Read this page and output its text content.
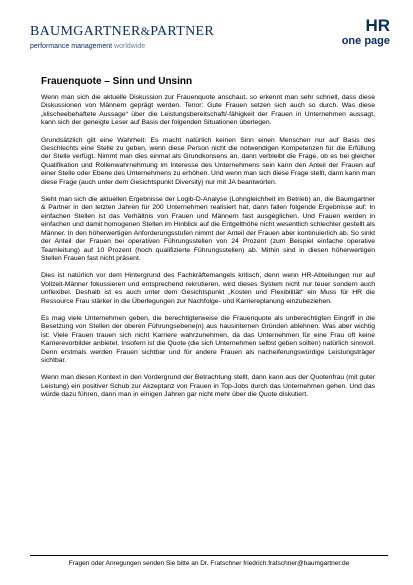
BAUMGARTNER&PARTNER
performance management worldwide
HR
one page
Frauenquote – Sinn und Unsinn

Wenn man sich die aktuelle Diskussion zur Frauenquote anschaut, so erkennt man sehr schnell, dass diese Diskussionen von Männern geprägt werden. Tenor: Gute Frauen setzen sich auch so durch. Was diese „klischeebehaftete Aussage“ über die Leistungsbereitschaft/-fähigkeit der Frauen in Unternehmen aussagt, kann sich der geneigte Leser auf Basis der folgenden Situationen überlegen.

Grundsätzlich gilt eine Wahrheit: Es macht natürlich keinen Sinn einen Menschen nur auf Basis des Geschlechts eine Stelle zu geben, wenn diese Person nicht die notwendigen Kompetenzen für die Erfüllung der Stelle verfügt. Nimmt man dies einmal als Grundkonsens an, dann verbleibt die Frage, ob es bei gleicher Qualifikation und Rollenwahrnehmung im Interesse des Unternehmens sein kann den Anteil der Frauen auf einer Stelle oder Ebene des Unternehmens zu erhöhen. Und wenn man sich diese Frage stellt, dann kann man diese Frage (auch unter dem Gesichtspunkt Diversity) nur mit JA beantworten.

Sieht man sich die aktuellen Ergebnisse der Logib-D-Analyse (Lohngleichheit im Betrieb) an, die Baumgartner & Partner in den letzten Jahren für 200 Unternehmen realisiert hat, dann fallen folgende Ergebnisse auf: In einfachen Stellen ist das Verhältnis von Frauen und Männern fast ausgeglichen. Und Frauen werden in einfachen und damit homogenen Stellen im Hinblick auf die Entgelthöhe nicht wesentlich schlechter gestellt als Männer. In den höherwertigen Anforderungsstufen nimmt der Anteil der Frauen aber kontinuierlich ab. So sinkt der Anteil der Frauen bei operativen Führungsstellen von 24 Prozent (zum Beispiel einfache operative Teamleitung) auf 10 Prozent (hoch qualifizierte Führungsstellen) ab. Mithin sind in diesen höherwertigen Stellen Frauen fast nicht präsent.

Dies ist natürlich vor dem Hintergrund des Fachkräftemangels kritisch, denn wenn HR-Abteilungen nur auf Vollzeit-Männer fokussieren und entsprechend rekrutieren, wird dieses System nicht nur teuer sondern auch unflexibel. Deshalb ist es auch unter dem Gesichtspunkt „Kosten und Flexibilität“ ein Muss für HR die Ressource Frau stärker in die Überlegungen zur Nachfolge- und Karriereplanung einzubeziehen.

Es mag viele Unternehmen geben, die berechtigterweise die Frauenquote als unberechtigten Eingriff in die Besetzung von Stellen der oberen Führungsebene(n) aus hausinternen Gründen ablehnen. Was aber wichtig ist: Viele Frauen trauen sich nicht Karriere wahrzunehmen, da das Unternehmen für eine Frau oft keine Karrierevorbilder anbietet. Insofern ist die Quote (die sich Unternehmen selbst geben sollten) natürlich sinnvoll. Denn erstmals werden Frauen sichtbar und für andere Frauen als nacheiferungswürdige Leistungsträger sichtbar.

Wenn man diesen Kontext in den Vordergrund der Betrachtung stellt, dann kann aus der Quotenfrau (mit guter Leistung) ein positiver Schub zur Akzeptanz von Frauen in Top-Jobs durch das Unternehmen gehen. Und das würde dazu führen, dann man in einigen Jahren gar nicht mehr über die Quote diskutiert.

Fragen oder Anregungen senden Sie bitte an Dr. Fratschner friedrich.fratschner@baumgartner.de
